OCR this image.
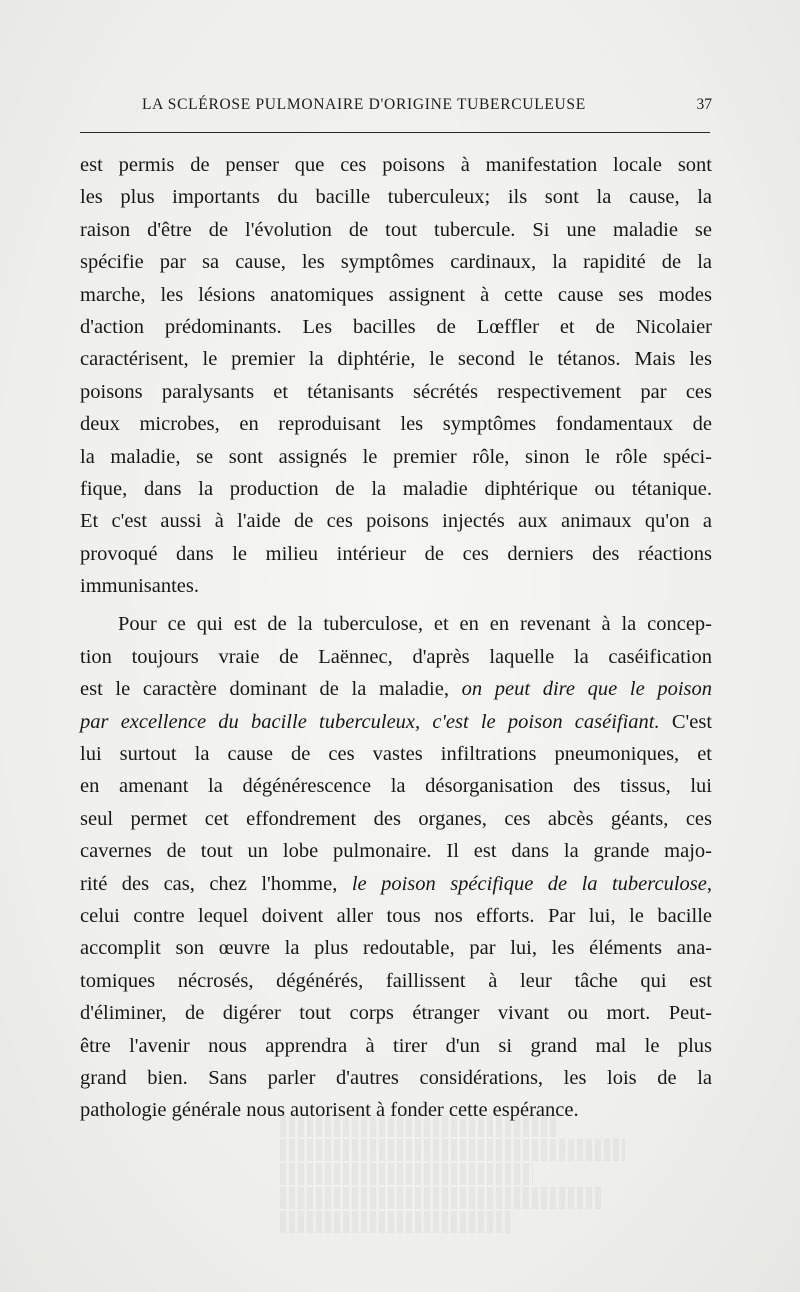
LA SCLÉROSE PULMONAIRE D'ORIGINE TUBERCULEUSE	37
est permis de penser que ces poisons à manifestation locale sont
les plus importants du bacille tuberculeux; ils sont la cause, la
raison d'être de l'évolution de tout tubercule. Si une maladie se
spécifie par sa cause, les symptômes cardinaux, la rapidité de la
marche, les lésions anatomiques assignent à cette cause ses modes
d'action prédominants. Les bacilles de Lœffler et de Nicolaier
caractérisent, le premier la diphtérie, le second le tétanos. Mais les
poisons paralysants et tétanisants sécrétés respectivement par ces
deux microbes, en reproduisant les symptômes fondamentaux de
la maladie, se sont assignés le premier rôle, sinon le rôle spéci-
fique, dans la production de la maladie diphtérique ou tétanique.
Et c'est aussi à l'aide de ces poisons injectés aux animaux qu'on a
provoqué dans le milieu intérieur de ces derniers des réactions
immunisantes.
Pour ce qui est de la tuberculose, et en en revenant à la concep-
tion toujours vraie de Laënnec, d'après laquelle la caséification
est le caractère dominant de la maladie, on peut dire que le poison
par excellence du bacille tuberculeux, c'est le poison caséifiant. C'est
lui surtout la cause de ces vastes infiltrations pneumoniques, et
en amenant la dégénérescence la désorganisation des tissus, lui
seul permet cet effondrement des organes, ces abcès géants, ces
cavernes de tout un lobe pulmonaire. Il est dans la grande majo-
rité des cas, chez l'homme, le poison spécifique de la tuberculose,
celui contre lequel doivent aller tous nos efforts. Par lui, le bacille
accomplit son œuvre la plus redoutable, par lui, les éléments ana-
tomiques nécrosés, dégénérés, faillissent à leur tâche qui est
d'éliminer, de digérer tout corps étranger vivant ou mort. Peut-
être l'avenir nous apprendra à tirer d'un si grand mal le plus
grand bien. Sans parler d'autres considérations, les lois de la
pathologie générale nous autorisent à fonder cette espérance.
